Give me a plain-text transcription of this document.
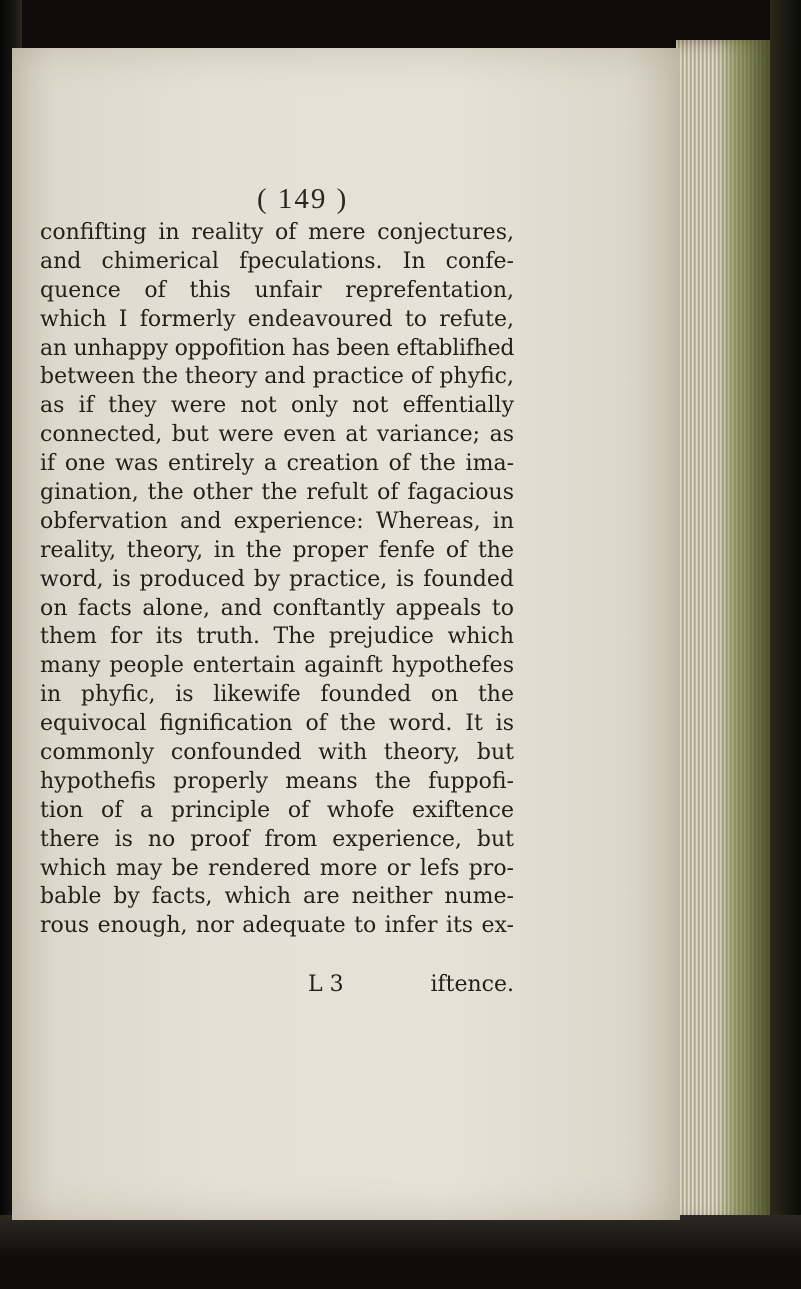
( 149 )
confifting in reality of mere conjectures,
and chimerical fpeculations. In confe-
quence of this unfair reprefentation,
which I formerly endeavoured to refute,
an unhappy oppofition has been eftablifhed
between the theory and practice of phyfic,
as if they were not only not effentially
connected, but were even at variance; as
if one was entirely a creation of the ima-
gination, the other the refult of fagacious
obfervation and experience: Whereas, in
reality, theory, in the proper fenfe of the
word, is produced by practice, is founded
on facts alone, and conftantly appeals to
them for its truth. The prejudice which
many people entertain againft hypothefes
in phyfic, is likewife founded on the
equivocal fignification of the word. It is
commonly confounded with theory, but
hypothefis properly means the fuppofi-
tion of a principle of whofe exiftence
there is no proof from experience, but
which may be rendered more or lefs pro-
bable by facts, which are neither nume-
rous enough, nor adequate to infer its ex-
L 3	iftence.
